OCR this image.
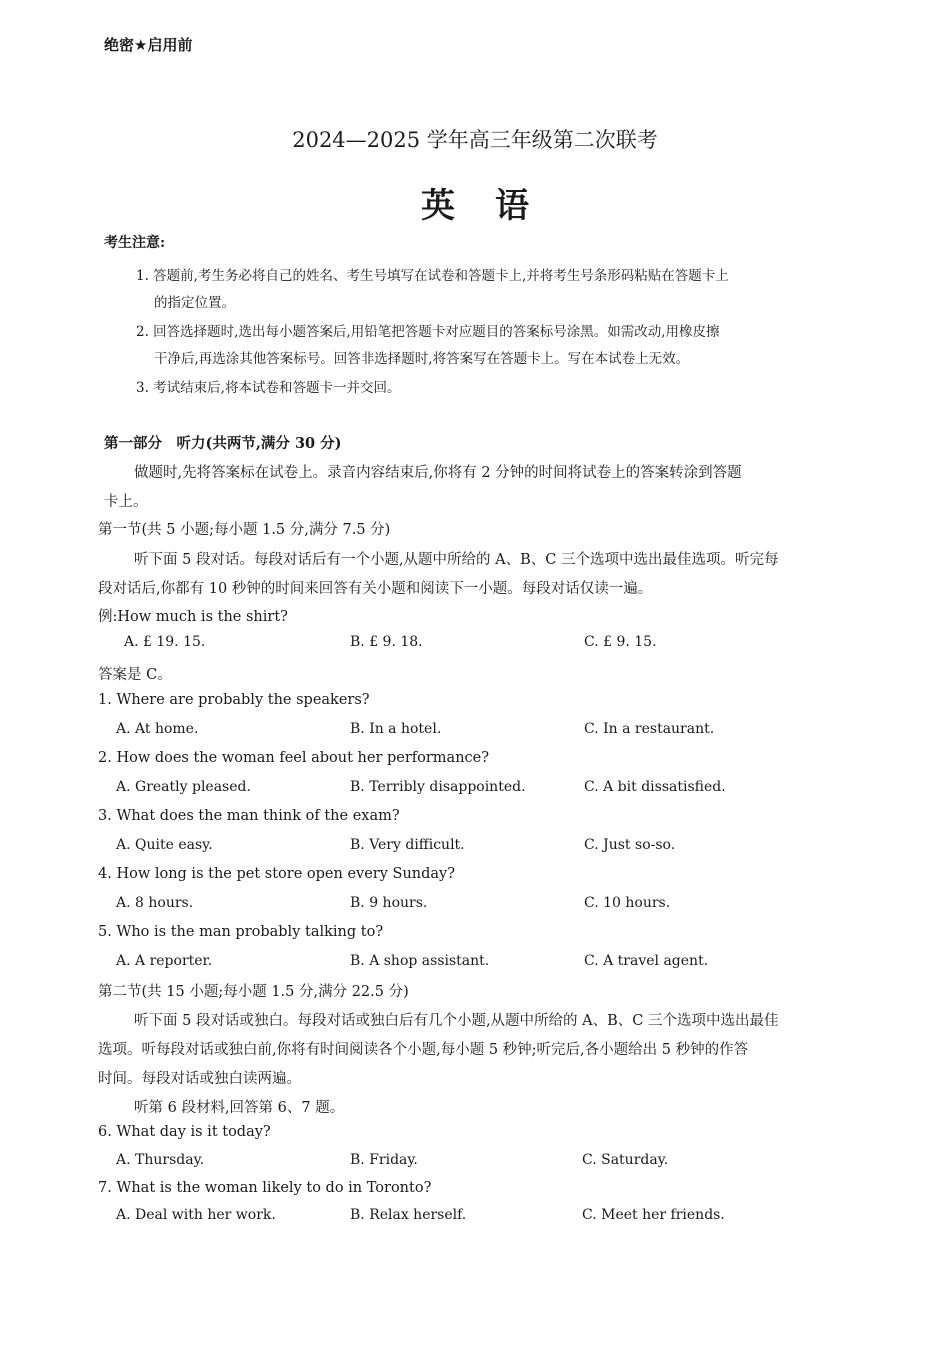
绝密★启用前
2024—2025 学年高三年级第二次联考
英语
考生注意:
1. 答题前,考生务必将自己的姓名、考生号填写在试卷和答题卡上,并将考生号条形码粘贴在答题卡上
的指定位置。
2. 回答选择题时,选出每小题答案后,用铅笔把答题卡对应题目的答案标号涂黑。如需改动,用橡皮擦
干净后,再选涂其他答案标号。回答非选择题时,将答案写在答题卡上。写在本试卷上无效。
3. 考试结束后,将本试卷和答题卡一并交回。
第一部分　听力(共两节,满分 30 分)
做题时,先将答案标在试卷上。录音内容结束后,你将有 2 分钟的时间将试卷上的答案转涂到答题
卡上。
第一节(共 5 小题;每小题 1.5 分,满分 7.5 分)
听下面 5 段对话。每段对话后有一个小题,从题中所给的 A、B、C 三个选项中选出最佳选项。听完每
段对话后,你都有 10 秒钟的时间来回答有关小题和阅读下一小题。每段对话仅读一遍。
例:How much is the shirt?
A. £ 19. 15.	B. £ 9. 18.	C. £ 9. 15.
答案是 C。
1. Where are probably the speakers?
A. At home.	B. In a hotel.	C. In a restaurant.
2. How does the woman feel about her performance?
A. Greatly pleased.	B. Terribly disappointed.	C. A bit dissatisfied.
3. What does the man think of the exam?
A. Quite easy.	B. Very difficult.	C. Just so-so.
4. How long is the pet store open every Sunday?
A. 8 hours.	B. 9 hours.	C. 10 hours.
5. Who is the man probably talking to?
A. A reporter.	B. A shop assistant.	C. A travel agent.
第二节(共 15 小题;每小题 1.5 分,满分 22.5 分)
听下面 5 段对话或独白。每段对话或独白后有几个小题,从题中所给的 A、B、C 三个选项中选出最佳
选项。听每段对话或独白前,你将有时间阅读各个小题,每小题 5 秒钟;听完后,各小题给出 5 秒钟的作答
时间。每段对话或独白读两遍。
听第 6 段材料,回答第 6、7 题。
6. What day is it today?
A. Thursday.	B. Friday.	C. Saturday.
7. What is the woman likely to do in Toronto?
A. Deal with her work.	B. Relax herself.	C. Meet her friends.
